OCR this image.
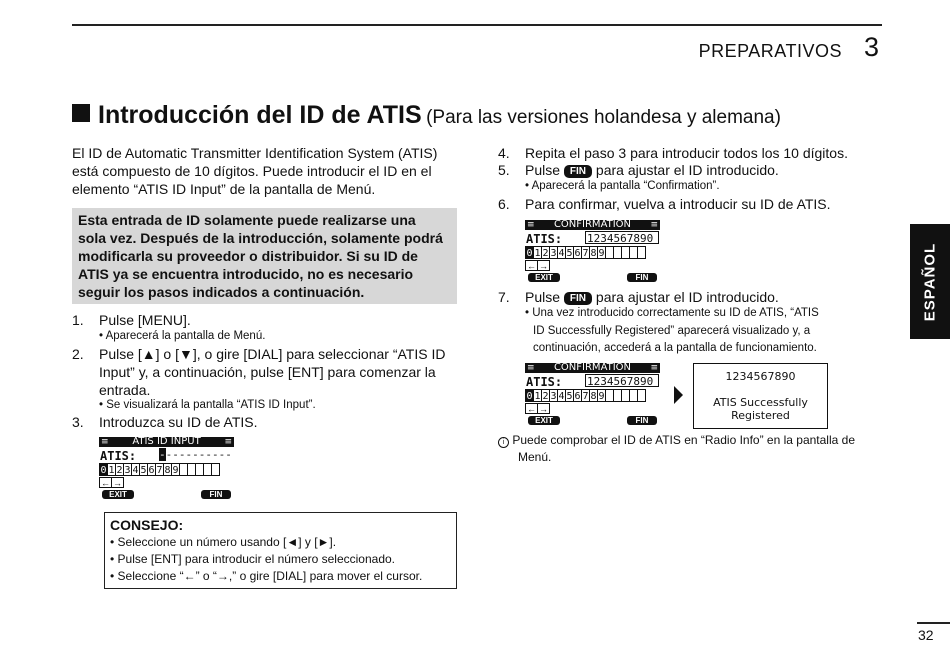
PREPARATIVOS 3
Introducción del ID de ATIS (Para las versiones holandesa y alemana)
El ID de Automatic Transmitter Identification System (ATIS)
está compuesto de 10 dígitos. Puede introducir el ID en el
elemento “ATIS ID Input” de la pantalla de Menú.
Esta entrada de ID solamente puede realizarse una
sola vez. Después de la introducción, solamente podrá
modificarla su proveedor o distribuidor. Si su ID de
ATIS ya se encuentra introducido, no es necesario
seguir los pasos indicados a continuación.
1. Pulse [MENU].
• Aparecerá la pantalla de Menú.
2. Pulse [▲] o [▼], o gire [DIAL] para seleccionar “ATIS ID
Input” y, a continuación, pulse [ENT] para comenzar la
entrada.
• Se visualizará la pantalla “ATIS ID Input”.
3. Introduzca su ID de ATIS.
≡ ATIS ID INPUT	≡
ATIS: -----------
0 1 2 3 4 5 6 7 8 9
← →
EXIT	FIN
CONSEJO:
• Seleccione un número usando [◄] y [►].
• Pulse [ENT] para introducir el número seleccionado.
• Seleccione “←” o “→,” o gire [DIAL] para mover el cursor.
4. Repita el paso 3 para introducir todos los 10 dígitos.
5. Pulse FIN para ajustar el ID introducido.
• Aparecerá la pantalla “Confirmation”.
6. Para confirmar, vuelva a introducir su ID de ATIS.
≡ CONFIRMATION ≡
ATIS: 1234567890
0 1 2 3 4 5 6 7 8 9
← →
EXIT	FIN
7. Pulse FIN para ajustar el ID introducido.
• Una vez introducido correctamente su ID de ATIS, “ATIS
ID Successfully Registered” aparecerá visualizado y, a
continuación, accederá a la pantalla de funcionamiento.
≡ CONFIRMATION ≡
ATIS: 1234567890
0 1 2 3 4 5 6 7 8 9
← →
EXIT	FIN
1234567890
ATIS Successfully
Registered
i Puede comprobar el ID de ATIS en “Radio Info” en la pantalla de
Menú.
ESPAÑOL
32
